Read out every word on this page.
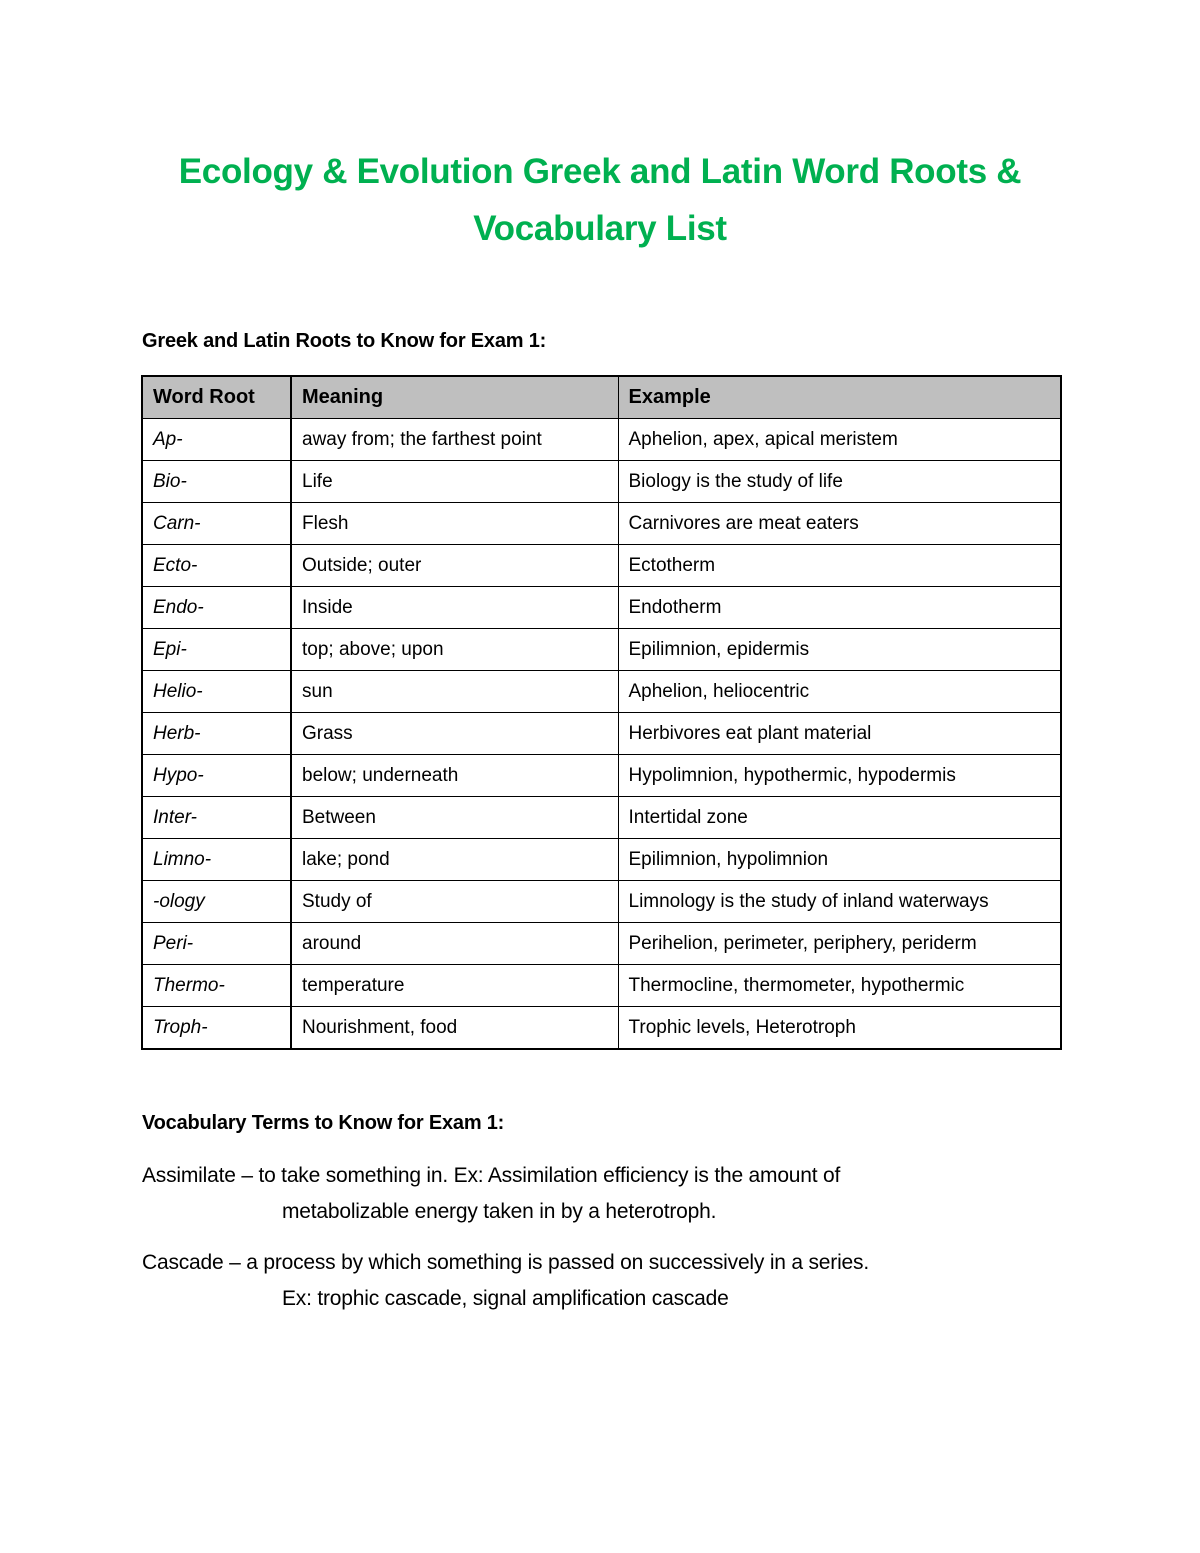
Ecology & Evolution Greek and Latin Word Roots & Vocabulary List
Greek and Latin Roots to Know for Exam 1:
Word Root	Meaning	Example
Ap-	away from; the farthest point	Aphelion, apex, apical meristem
Bio-	Life	Biology is the study of life
Carn-	Flesh	Carnivores are meat eaters
Ecto-	Outside; outer	Ectotherm
Endo-	Inside	Endotherm
Epi-	top; above; upon	Epilimnion, epidermis
Helio-	sun	Aphelion, heliocentric
Herb-	Grass	Herbivores eat plant material
Hypo-	below; underneath	Hypolimnion, hypothermic, hypodermis
Inter-	Between	Intertidal zone
Limno-	lake; pond	Epilimnion, hypolimnion
-ology	Study of	Limnology is the study of inland waterways
Peri-	around	Perihelion, perimeter, periphery, periderm
Thermo-	temperature	Thermocline, thermometer, hypothermic
Troph-	Nourishment, food	Trophic levels, Heterotroph
Vocabulary Terms to Know for Exam 1:
Assimilate – to take something in. Ex: Assimilation efficiency is the amount of
metabolizable energy taken in by a heterotroph.
Cascade – a process by which something is passed on successively in a series.
Ex: trophic cascade, signal amplification cascade
